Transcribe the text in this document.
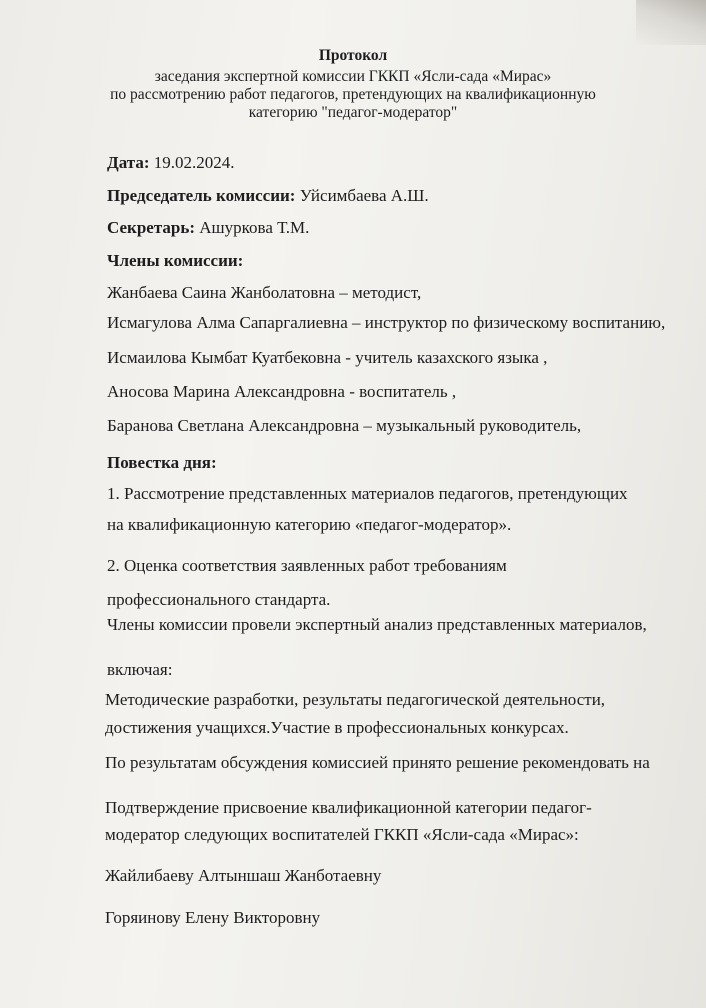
Протокол
заседания экспертной комиссии ГККП «Ясли-сада «Мирас»
по рассмотрению работ педагогов, претендующих на квалификационную
категорию "педагог-модератор"
Дата: 19.02.2024.
Председатель комиссии: Уйсимбаева А.Ш.
Секретарь: Ашуркова Т.М.
Члены комиссии:
Жанбаева Саина Жанболатовна – методист,
Исмагулова Алма Сапаргалиевна – инструктор по физическому воспитанию,
Исмаилова Кымбат Куатбековна - учитель казахского языка ,
Аносова Марина Александровна - воспитатель ,
Баранова Светлана Александровна – музыкальный руководитель,
Повестка дня:
1. Рассмотрение представленных материалов педагогов, претендующих
на квалификационную категорию «педагог-модератор».
2. Оценка соответствия заявленных работ требованиям
профессионального стандарта.
Члены комиссии провели экспертный анализ представленных материалов,
включая:
Методические разработки, результаты педагогической деятельности,
достижения учащихся.Участие в профессиональных конкурсах.
По результатам обсуждения комиссией принято решение рекомендовать на
Подтверждение присвоение квалификационной категории педагог-
модератор следующих воспитателей ГККП «Ясли-сада «Мирас»:
Жайлибаеву Алтыншаш Жанботаевну
Горяинову Елену Викторовну
